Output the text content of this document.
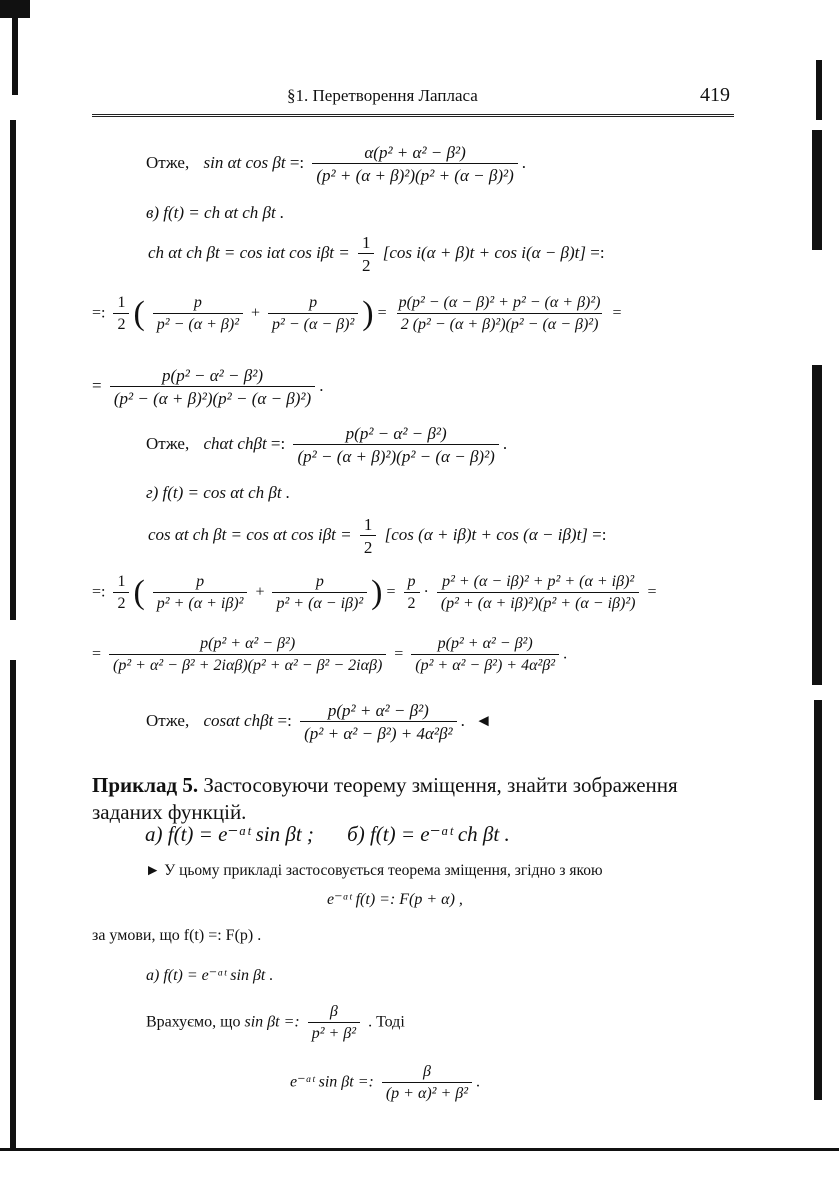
§1. Перетворення Лапласа	419
Отже, sin αt cos βt =: $\frac{\text{α(p² + α² − β²)}}{\text{(p² + (α + β)²)(p² + (α − β)²)}}$ .
в) f(t) = ch αt ch βt .
ch αt ch βt = cos iαt $\cos i\beta t = \frac{1}{2} [\cos$ i(α + β)t + cos i(α − β)t] =:
=: $\frac{1}{2}$ ( $\frac{p}{\text{p² − (α + β)²}} + \frac{p}{\text{p² − (α − β)²}}$ ) = $\frac{\text{p(p² − (α − β)² + p² − (α + β)²)}}{\text{2 (p² − (α + β)²)(p² − (α − β)²)}}$ =
= $\frac{\text{p(p² − α² − β²)}}{\text{(p² − (α + β)²)(p² − (α − β)²)}}$ .
Отже, chαt chβt =: $\frac{\text{p(p² − α² − β²)}}{\text{(p² − (α + β)²)(p² − (α − β)²)}}$ .
г) f(t) = cos αt ch βt .
cos αt ch βt = cos αt $\cos i\beta t = \frac{1}{2} [\cos$ (α + iβ)t + cos (α − iβ)t] =:
=: $\frac{1}{2}$ ( $\frac{p}{\text{p² + (α + iβ)²}} + \frac{p}{\text{p² + (α − iβ)²}}$ ) = $\frac{p}{2} \cdot \frac{\text{p² + (α − iβ)² + p² + (α + iβ)²}}{\text{(p² + (α + iβ)²)(p² + (α − iβ)²)}}$ =
= $\frac{\text{p(p² + α² − β²)}}{\text{(p² + α² − β² + 2iαβ)(p² + α² − β² − 2iαβ)}} = \frac{\text{p(p² + α² − β²)}}{\text{(p² + α² − β²) + 4α²β²}}$ .
Отже, cosαt chβt =: $\frac{\text{p(p² + α² − β²)}}{\text{(p² + α² − β²) + 4α²β²}}$ . ◄
Приклад 5. Застосовуючи теорему зміщення, знайти зображення заданих функцій.
а) f(t) = e⁻ᵅᵗ sin βt ; б) f(t) = e⁻ᵅᵗ ch βt .
► У цьому прикладі застосовується теорема зміщення, згідно з якою
e⁻ᵅᵗ f(t) =: F(p + α) ,
за умови, що f(t) =: F(p) .
а) f(t) = e⁻ᵅᵗ sin βt .
Врахуємо, що sin βt =: $\frac{\beta}{\text{p² + β²}}$ . Тоді
e⁻ᵅᵗ sin βt =: $\frac{\beta}{\text{(p + α)² + β²}}$ .
